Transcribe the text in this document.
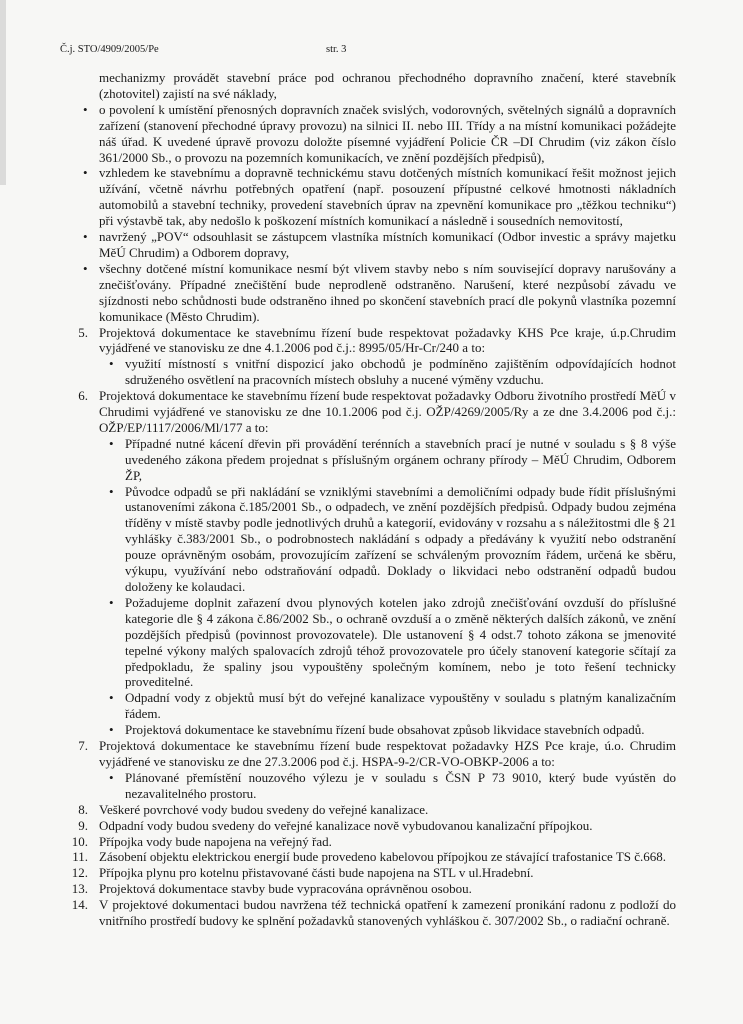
Č.j. STO/4909/2005/Pe	str. 3

mechanizmy provádět stavební práce pod ochranou přechodného dopravního značení, které stavebník (zhotovitel) zajistí na své náklady,

• o povolení k umístění přenosných dopravních značek svislých, vodorovných, světelných signálů a dopravních zařízení (stanovení přechodné úpravy provozu) na silnici II. nebo III. Třídy a na místní komunikaci požádejte náš úřad. K uvedené úpravě provozu doložte písemné vyjádření Policie ČR –DI Chrudim (viz zákon číslo 361/2000 Sb., o provozu na pozemních komunikacích, ve znění pozdějších předpisů),
• vzhledem ke stavebnímu a dopravně technickému stavu dotčených místních komunikací řešit možnost jejich užívání, včetně návrhu potřebných opatření (např. posouzení přípustné celkové hmotnosti nákladních automobilů a stavební techniky, provedení stavebních úprav na zpevnění komunikace pro „těžkou techniku“) při výstavbě tak, aby nedošlo k poškození místních komunikací a následně i sousedních nemovitostí,
• navržený „POV“ odsouhlasit se zástupcem vlastníka místních komunikací (Odbor investic a správy majetku MěÚ Chrudim) a Odborem dopravy,
• všechny dotčené místní komunikace nesmí být vlivem stavby nebo s ním související dopravy narušovány a znečišťovány. Případné znečištění bude neprodleně odstraněno. Narušení, které nezpůsobí závadu ve sjízdnosti nebo schůdnosti bude odstraněno ihned po skončení stavebních prací dle pokynů vlastníka pozemní komunikace (Město Chrudim).
5. Projektová dokumentace ke stavebnímu řízení bude respektovat požadavky KHS Pce kraje, ú.p.Chrudim vyjádřené ve stanovisku ze dne 4.1.2006 pod č.j.: 8995/05/Hr-Cr/240 a to:

• využití místností s vnitřní dispozicí jako obchodů je podmíněno zajištěním odpovídajících hodnot sdruženého osvětlení na pracovních místech obsluhy a nucené výměny vzduchu.
6. Projektová dokumentace ke stavebnímu řízení bude respektovat požadavky Odboru životního prostředí MěÚ v Chrudimi vyjádřené ve stanovisku ze dne 10.1.2006 pod č.j. OŽP/4269/2005/Ry a ze dne 3.4.2006 pod č.j.: OŽP/EP/1117/2006/Ml/177 a to:

• Případné nutné kácení dřevin při provádění terénních a stavebních prací je nutné v souladu s § 8 výše uvedeného zákona předem projednat s příslušným orgánem ochrany přírody – MěÚ Chrudim, Odborem ŽP,
• Původce odpadů se při nakládání se vzniklými stavebními a demoličními odpady bude řídit příslušnými ustanoveními zákona č.185/2001 Sb., o odpadech, ve znění pozdějších předpisů. Odpady budou zejména tříděny v místě stavby podle jednotlivých druhů a kategorií, evidovány v rozsahu a s náležitostmi dle § 21 vyhlášky č.383/2001 Sb., o podrobnostech nakládání s odpady a předávány k využití nebo odstranění pouze oprávněným osobám, provozujícím zařízení se schváleným provozním řádem, určená ke sběru, výkupu, využívání nebo odstraňování odpadů. Doklady o likvidaci nebo odstranění odpadů budou doloženy ke kolaudaci.
• Požadujeme doplnit zařazení dvou plynových kotelen jako zdrojů znečišťování ovzduší do příslušné kategorie dle § 4 zákona č.86/2002 Sb., o ochraně ovzduší a o změně některých dalších zákonů, ve znění pozdějších předpisů (povinnost provozovatele). Dle ustanovení § 4 odst.7 tohoto zákona se jmenovité tepelné výkony malých spalovacích zdrojů téhož provozovatele pro účely stanovení kategorie sčítají za předpokladu, že spaliny jsou vypouštěny společným komínem, nebo je toto řešení technicky proveditelné.
• Odpadní vody z objektů musí být do veřejné kanalizace vypouštěny v souladu s platným kanalizačním řádem.
• Projektová dokumentace ke stavebnímu řízení bude obsahovat způsob likvidace stavebních odpadů.
7. Projektová dokumentace ke stavebnímu řízení bude respektovat požadavky HZS Pce kraje, ú.o. Chrudim vyjádřené ve stanovisku ze dne 27.3.2006 pod č.j. HSPA-9-2/CR-VO-OBKP-2006 a to:

• Plánované přemístění nouzového výlezu je v souladu s ČSN P 73 9010, který bude vyústěn do nezavalitelného prostoru.
8. Veškeré povrchové vody budou svedeny do veřejné kanalizace.

9. Odpadní vody budou svedeny do veřejné kanalizace nově vybudovanou kanalizační přípojkou.

10. Přípojka vody bude napojena na veřejný řad.

11. Zásobení objektu elektrickou energií bude provedeno kabelovou přípojkou ze stávající trafostanice TS č.668.

12. Přípojka plynu pro kotelnu přistavované části bude napojena na STL v ul.Hradební.

13. Projektová dokumentace stavby bude vypracována oprávněnou osobou.

14. V projektové dokumentaci budou navržena též technická opatření k zamezení pronikání radonu z podloží do vnitřního prostředí budovy ke splnění požadavků stanovených vyhláškou č. 307/2002 Sb., o radiační ochraně.
